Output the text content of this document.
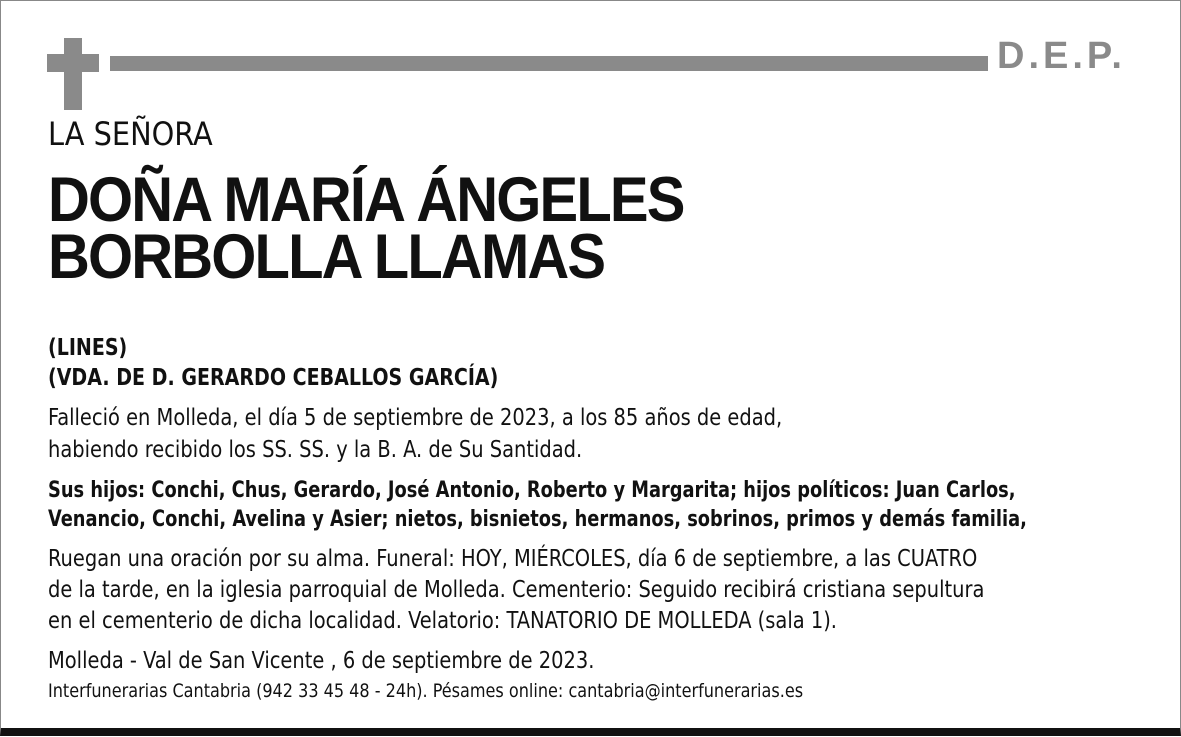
D.E.P.
LA SEÑORA
DOÑA MARÍA ÁNGELES
BORBOLLA LLAMAS
(LINES)
(VDA. DE D. GERARDO CEBALLOS GARCÍA)
Falleció en Molleda, el día 5 de septiembre de 2023, a los 85 años de edad,
habiendo recibido los SS. SS. y la B. A. de Su Santidad.
Sus hijos: Conchi, Chus, Gerardo, José Antonio, Roberto y Margarita; hijos políticos: Juan Carlos,
Venancio, Conchi, Avelina y Asier; nietos, bisnietos, hermanos, sobrinos, primos y demás familia,
Ruegan una oración por su alma. Funeral: HOY, MIÉRCOLES, día 6 de septiembre, a las CUATRO
de la tarde, en la iglesia parroquial de Molleda. Cementerio: Seguido recibirá cristiana sepultura
en el cementerio de dicha localidad. Velatorio: TANATORIO DE MOLLEDA (sala 1).
Molleda - Val de San Vicente , 6 de septiembre de 2023.
Interfunerarias Cantabria (942 33 45 48 - 24h). Pésames online: cantabria@interfunerarias.es
